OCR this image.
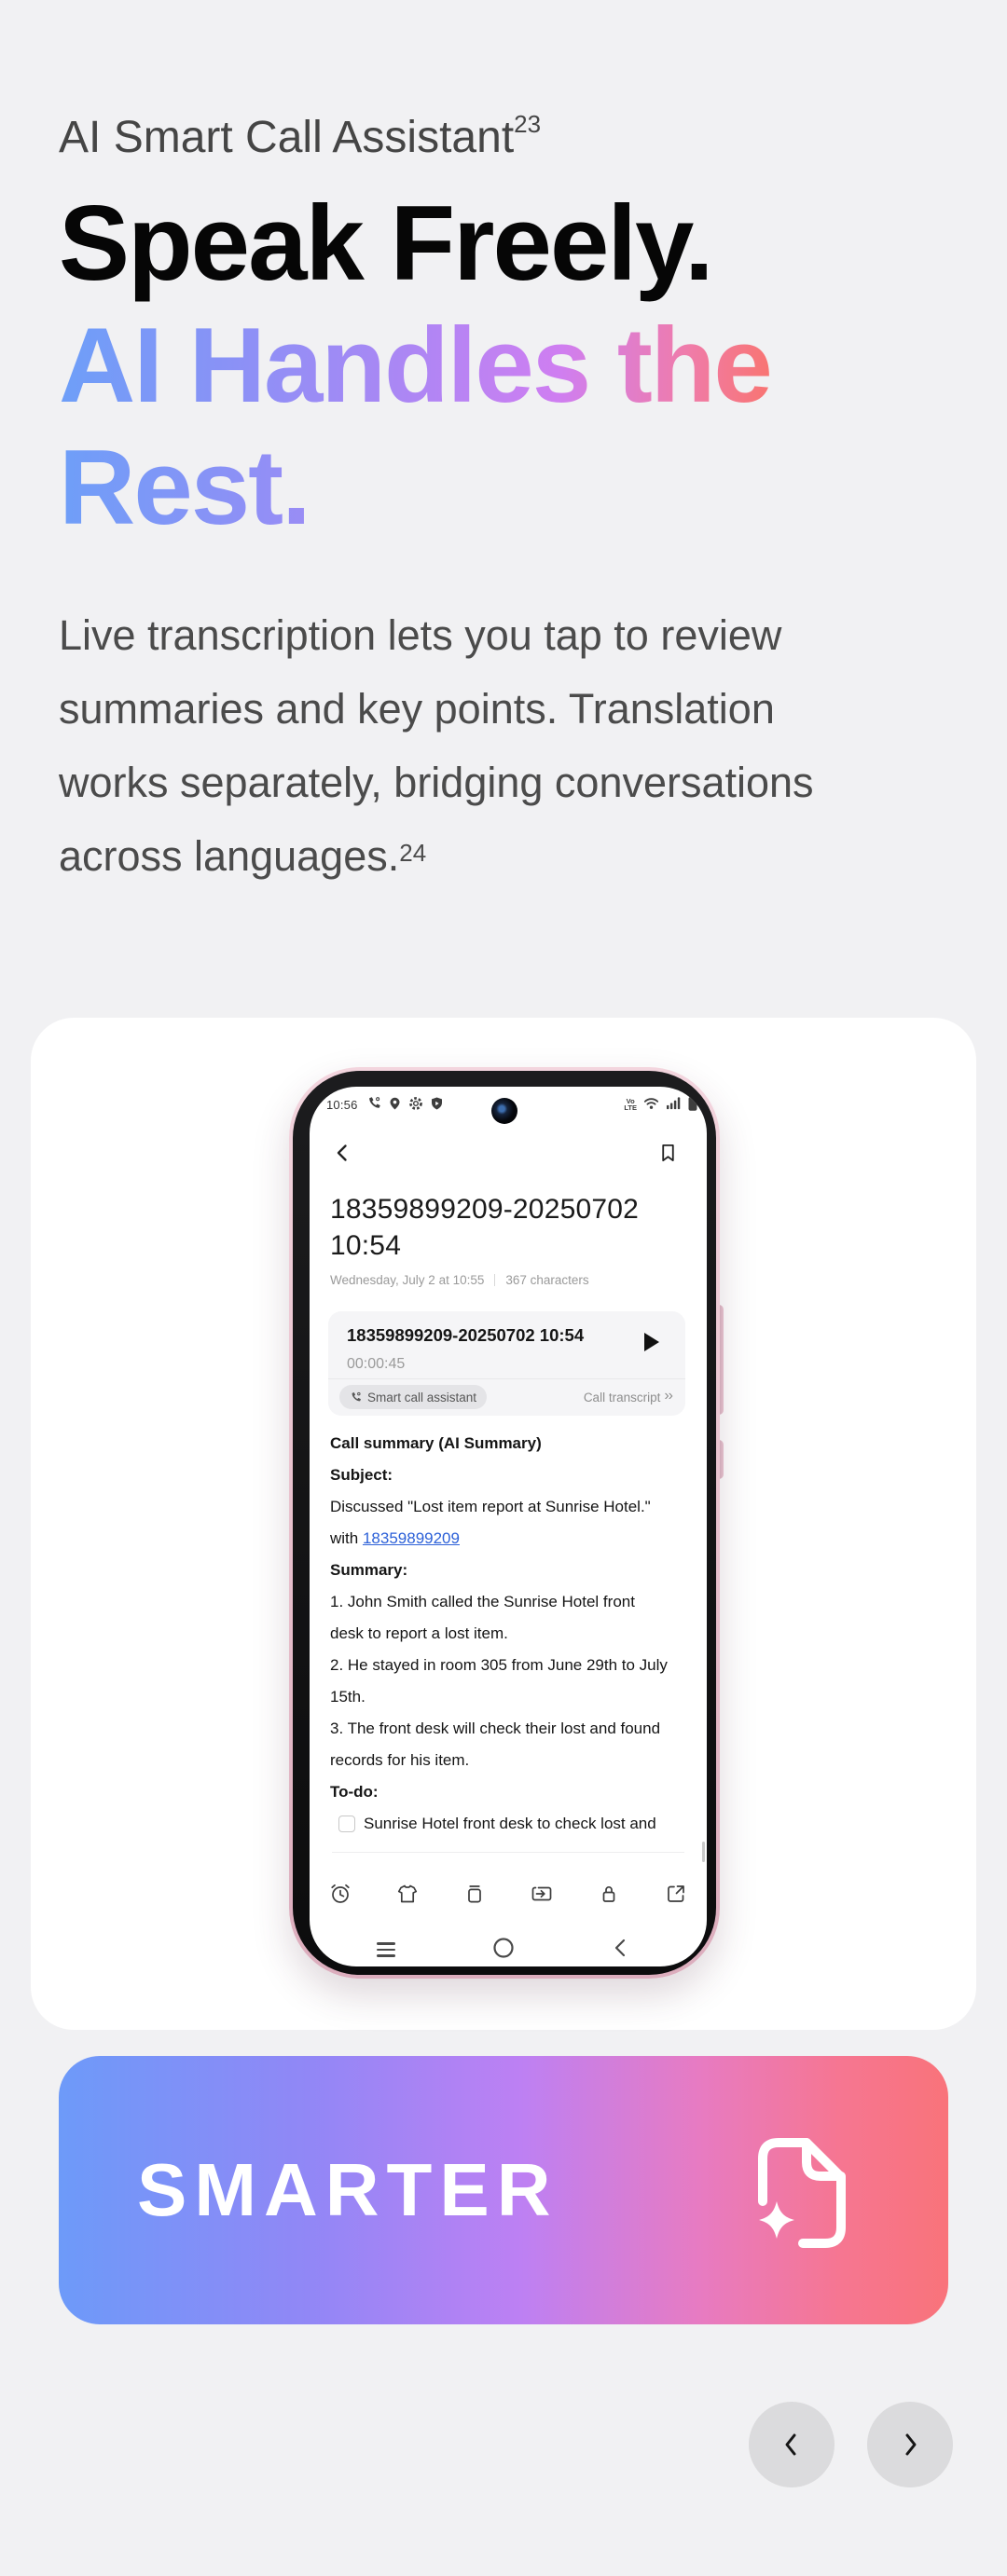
AI Smart Call Assistant$^{23}$
Speak Freely.
AI Handles the
Rest.
Live transcription lets you tap to review
summaries and key points. Translation
works separately, bridging conversations
across languages.$^{24}$
10:56	Vo
LTE
18359899209-20250702
10:54
Wednesday, July 2 at 10:55 367 characters
18359899209-20250702 10:54
00:00:45
Smart call assistant	Call transcript ››
Call summary (AI Summary)
Subject:
Discussed "Lost item report at Sunrise Hotel."
with 18359899209
Summary:
1. John Smith called the Sunrise Hotel front
desk to report a lost item.
2. He stayed in room 305 from June 29th to July
15th.
3. The front desk will check their lost and found
records for his item.
To-do:
Sunrise Hotel front desk to check lost and
SMARTER
